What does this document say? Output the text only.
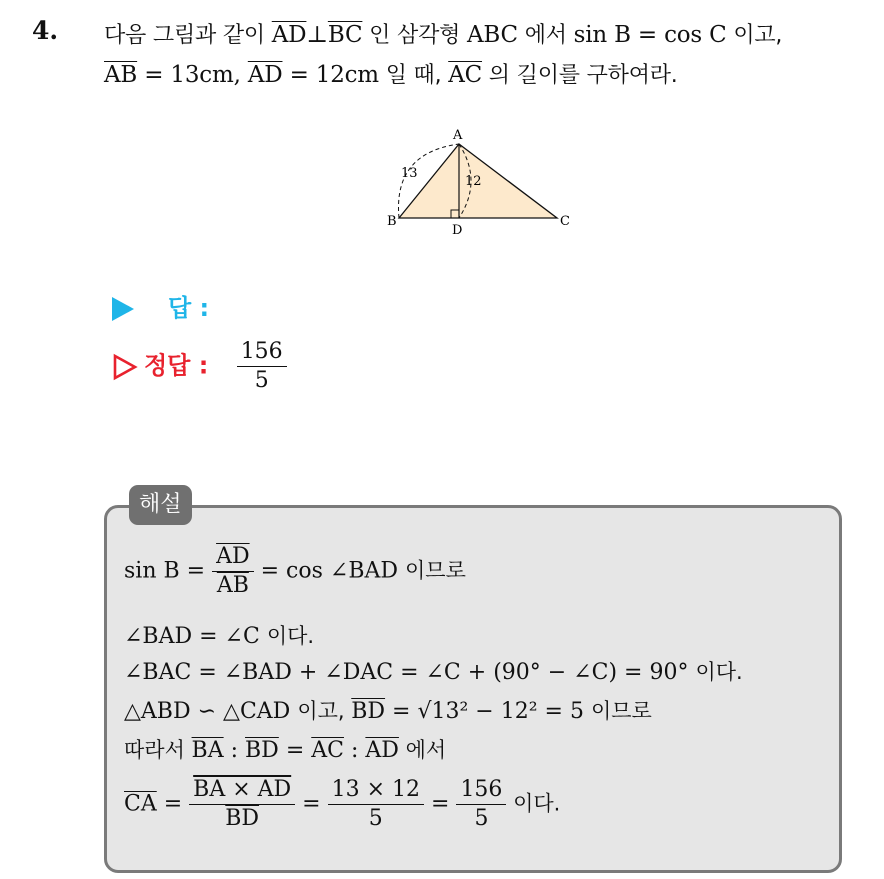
4. 다음 그림과 같이 $\overline{AD}\perp\overline{BC}$ 인 삼각형 ABC 에서 sin B = cos C 이고,
$\overline{AB} = 13cm$, $\overline{AD} = 12cm$ 일 때, $\overline{AC}$ 의 길이를 구하여라.
A
B	C
D
13
12
답 :
정답 : $\frac{156}{5}$
해설
$\sin B = \frac{\overline{AD}}{AB} = \cos$ ∠BAD 이므로
∠BAD = ∠C 이다.
∠BAC = ∠BAD + ∠DAC = ∠C + (90° − ∠C) = 90° 이다.
△ABD ∽ △CAD 이고, $\overline{BD} = √13^2 - 12^2 = 5$ 이므로
따라서 $\overline{BA}$ : $\overline{BD} = \overline{AC}$ : $\overline{AD}$ 에서
$\overline{CA} = \frac{BA \times AD}{BD} = \frac{13 \times 12}{5} = \frac{156}{5}$ 이다.
